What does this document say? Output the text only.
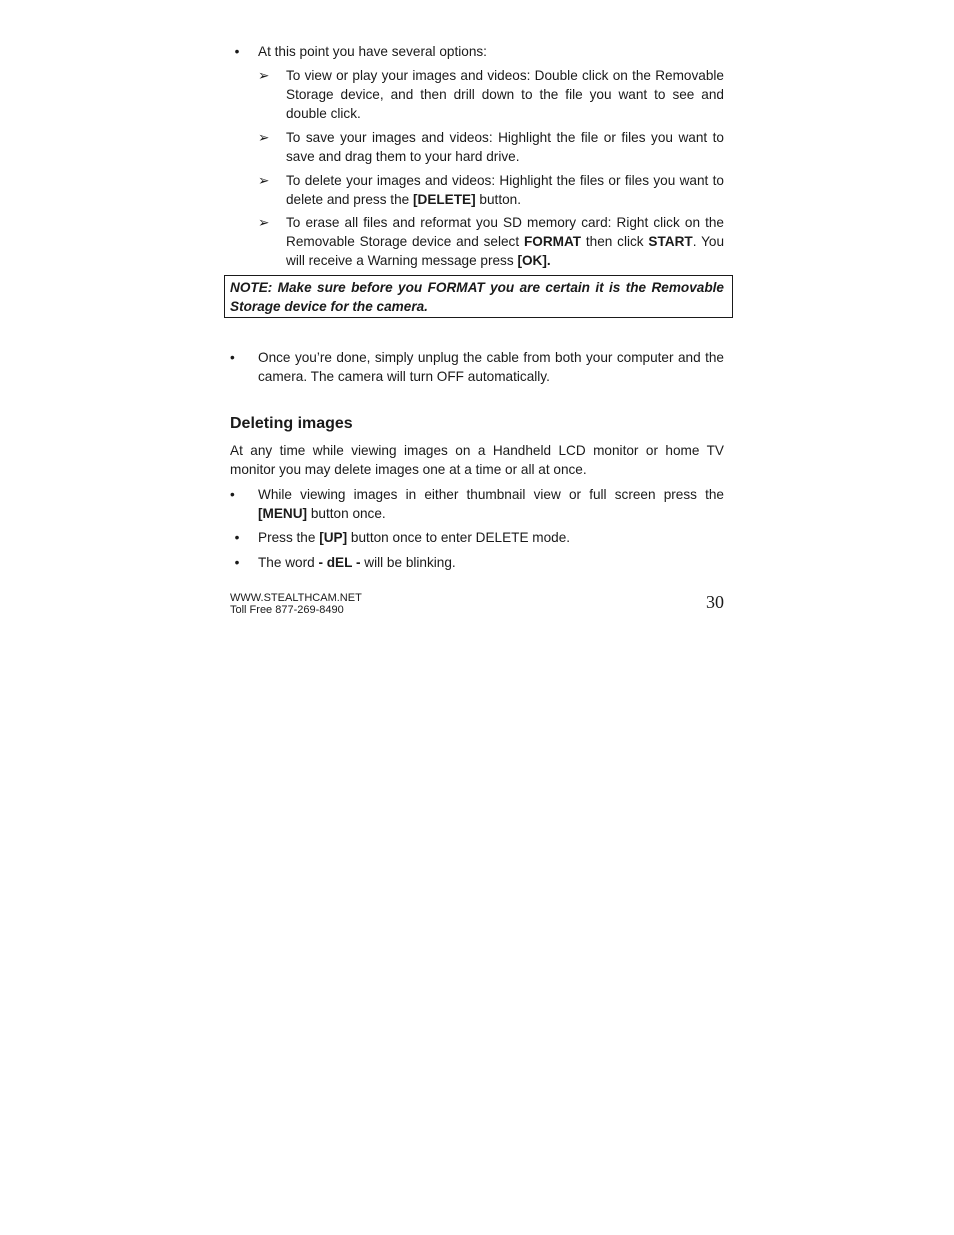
•	At this point you have several options:
➢	To view or play your images and videos: Double click on the Removable Storage device, and then drill down to the file you want to see and double click.
➢	To save your images and videos: Highlight the file or files you want to save and drag them to your hard drive.
➢	To delete your images and videos: Highlight the files or files you want to delete and press the [DELETE] button.
➢	To erase all files and reformat you SD memory card: Right click on the Removable Storage device and select FORMAT then click START. You will receive a Warning message press [OK].
NOTE: Make sure before you FORMAT you are certain it is the Removable Storage device for the camera.
•	Once you’re done, simply unplug the cable from both your computer and the camera. The camera will turn OFF automatically.
Deleting images
At any time while viewing images on a Handheld LCD monitor or home TV monitor you may delete images one at a time or all at once.
•	While viewing images in either thumbnail view or full screen press the [MENU] button once.
•	Press the [UP] button once to enter DELETE mode.
•	The word - dEL - will be blinking.
WWW.STEALTHCAM.NET
Toll Free 877-269-8490	30
